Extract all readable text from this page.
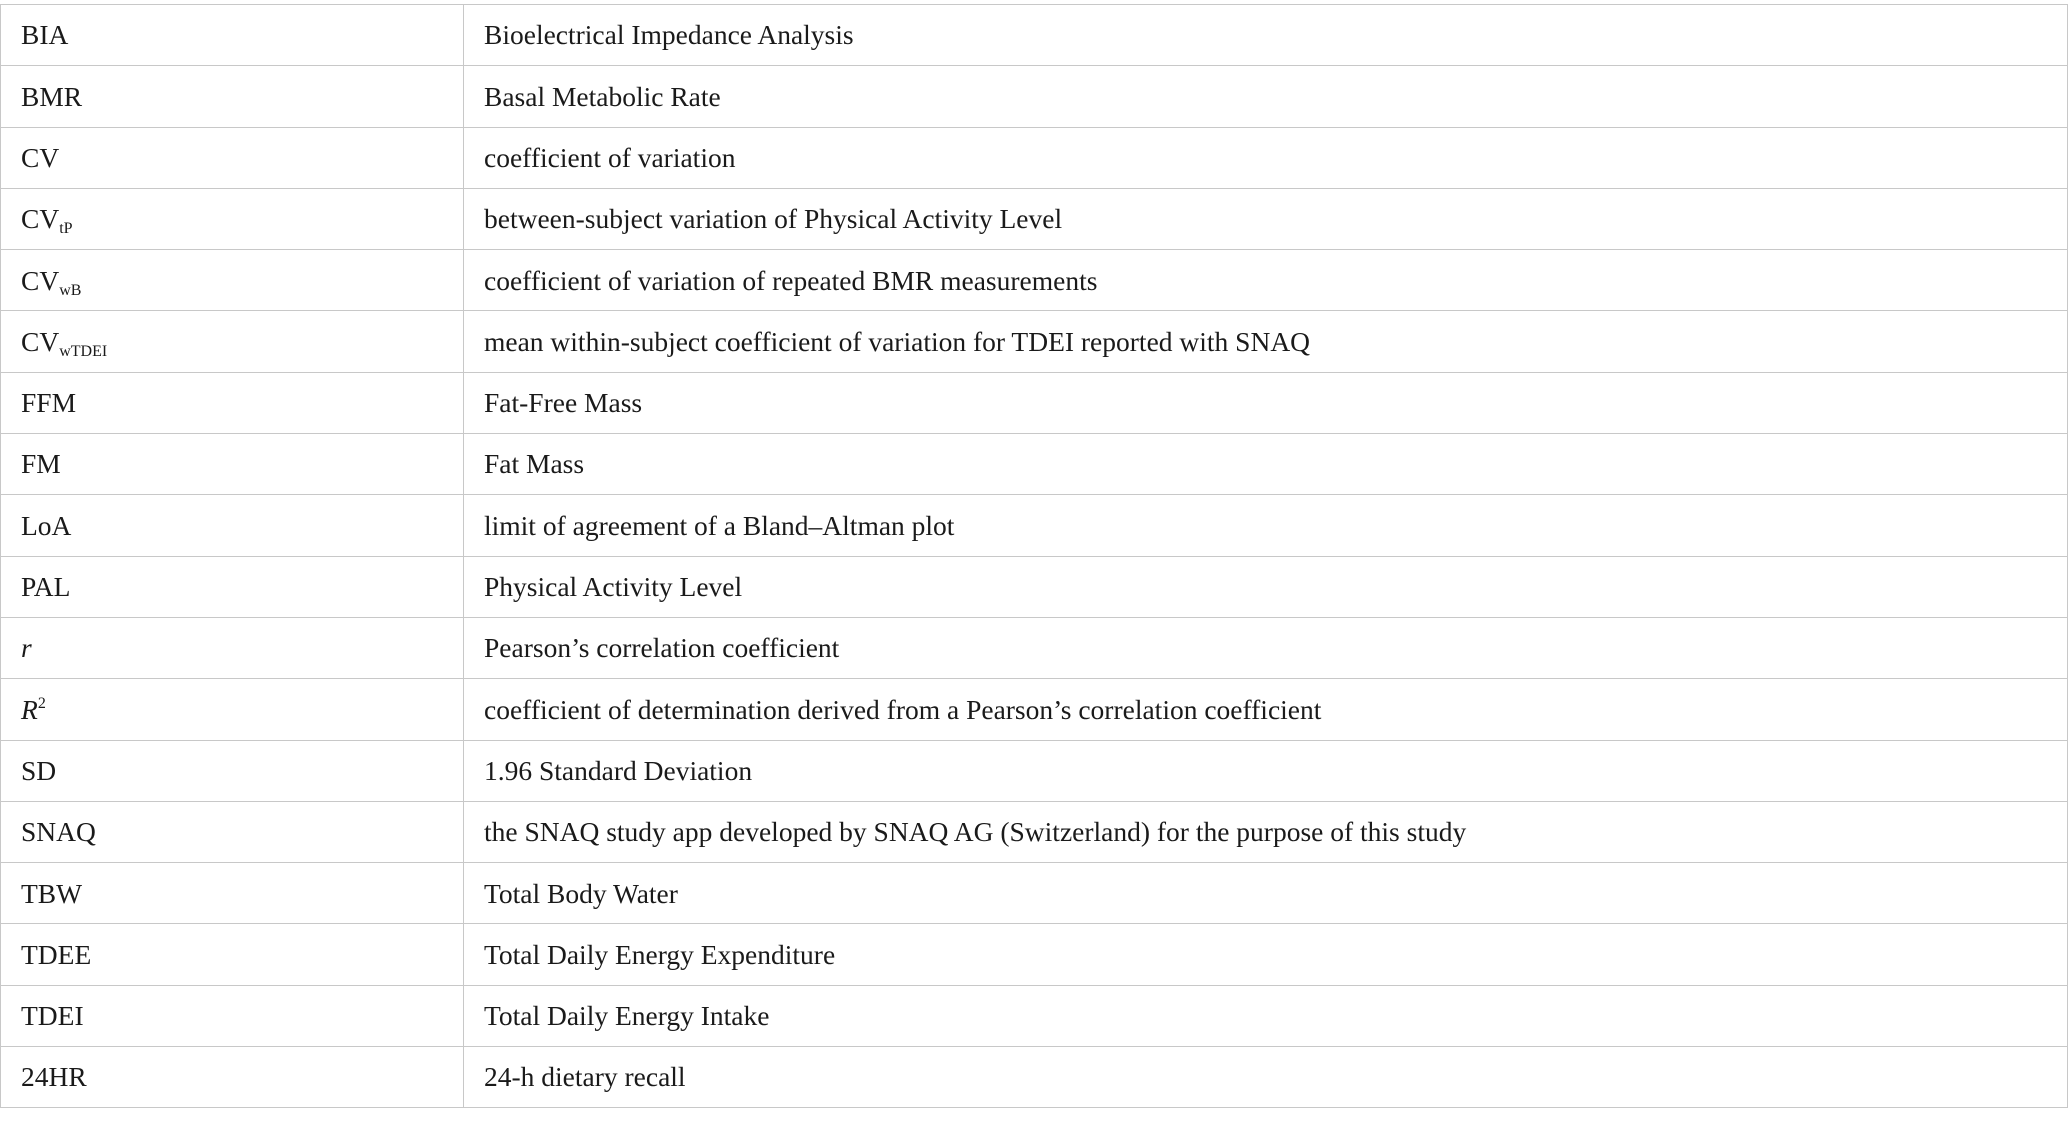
BIA	Bioelectrical Impedance Analysis
BMR	Basal Metabolic Rate
CV	coefficient of variation
$CV_{tP}$	between-subject variation of Physical Activity Level
$CV_{wB}$	coefficient of variation of repeated BMR measurements
$CV_{wTDEI}$	mean within-subject coefficient of variation for TDEI reported with SNAQ
FFM	Fat-Free Mass
FM	Fat Mass
LoA	limit of agreement of a Bland–Altman plot
PAL	Physical Activity Level
r	Pearson’s correlation coefficient
$R^2$	coefficient of determination derived from a Pearson’s correlation coefficient
SD	1.96 Standard Deviation
SNAQ	the SNAQ study app developed by SNAQ AG (Switzerland) for the purpose of this study
TBW	Total Body Water
TDEE	Total Daily Energy Expenditure
TDEI	Total Daily Energy Intake
24HR	24-h dietary recall
